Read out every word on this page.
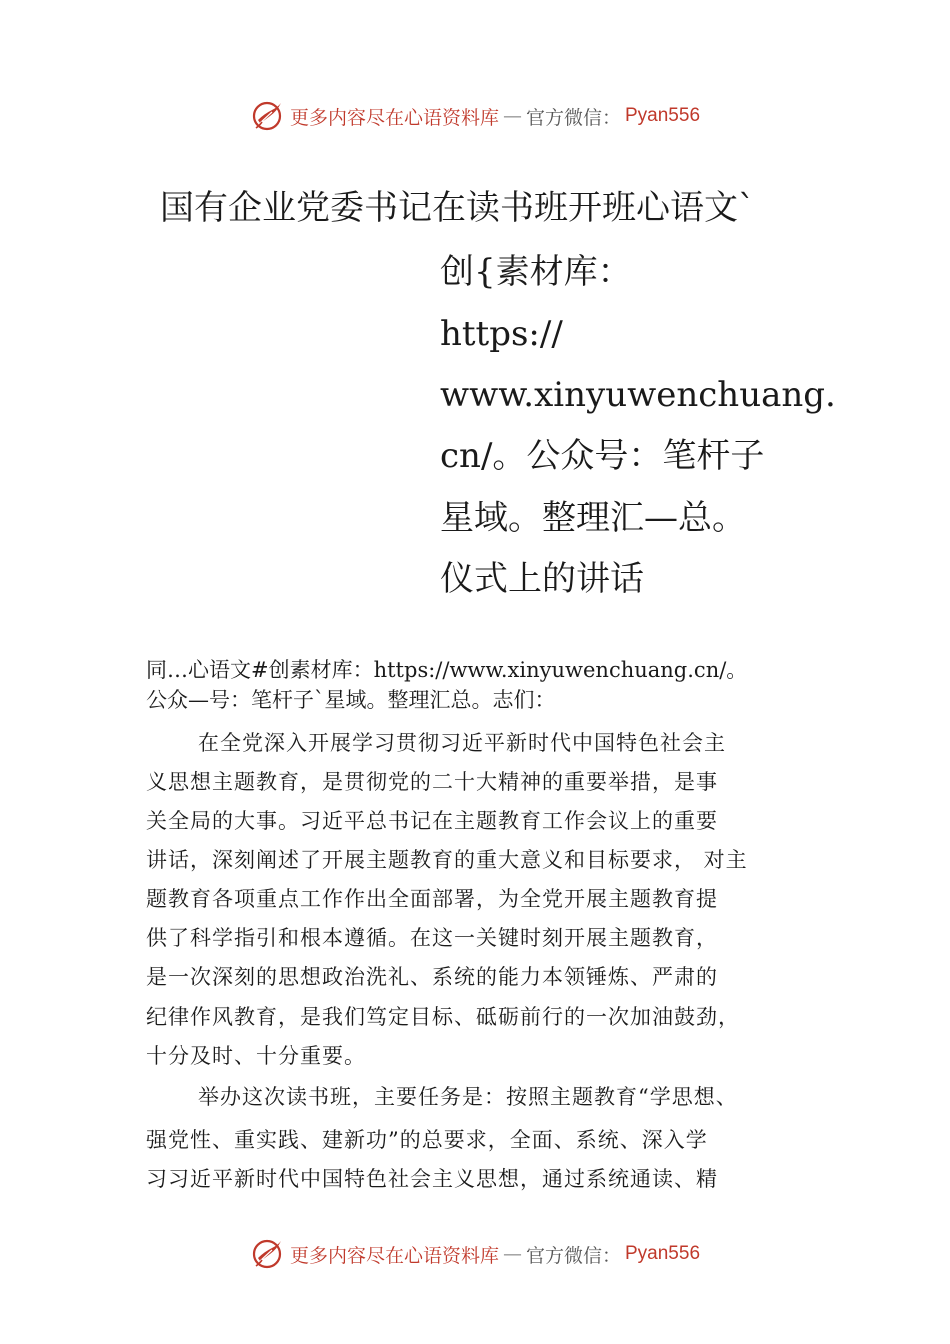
更多内容尽在心语资料库 — 官方微信： Pyan556
国有企业党委书记在读书班开班心语文`
创{素材库：
https://
www.xinyuwenchuang.
cn/。公众号：笔杆子
星域。整理汇—总。
仪式上的讲话
同…心语文#创素材库：https://www.xinyuwenchuang.cn/。
公众—号：笔杆子`星域。整理汇总。志们：
在全党深入开展学习贯彻习近平新时代中国特色社会主
义思想主题教育，是贯彻党的二十大精神的重要举措，是事
关全局的大事。习近平总书记在主题教育工作会议上的重要
讲话，深刻阐述了开展主题教育的重大意义和目标要求， 对主
题教育各项重点工作作出全面部署，为全党开展主题教育提
供了科学指引和根本遵循。在这一关键时刻开展主题教育，
是一次深刻的思想政治洗礼、系统的能力本领锤炼、严肃的
纪律作风教育，是我们笃定目标、砥砺前行的一次加油鼓劲，
十分及时、十分重要。
举办这次读书班，主要任务是：按照主题教育“学思想、
强党性、重实践、建新功”的总要求，全面、系统、深入学
习习近平新时代中国特色社会主义思想，通过系统通读、精
更多内容尽在心语资料库 — 官方微信： Pyan556
